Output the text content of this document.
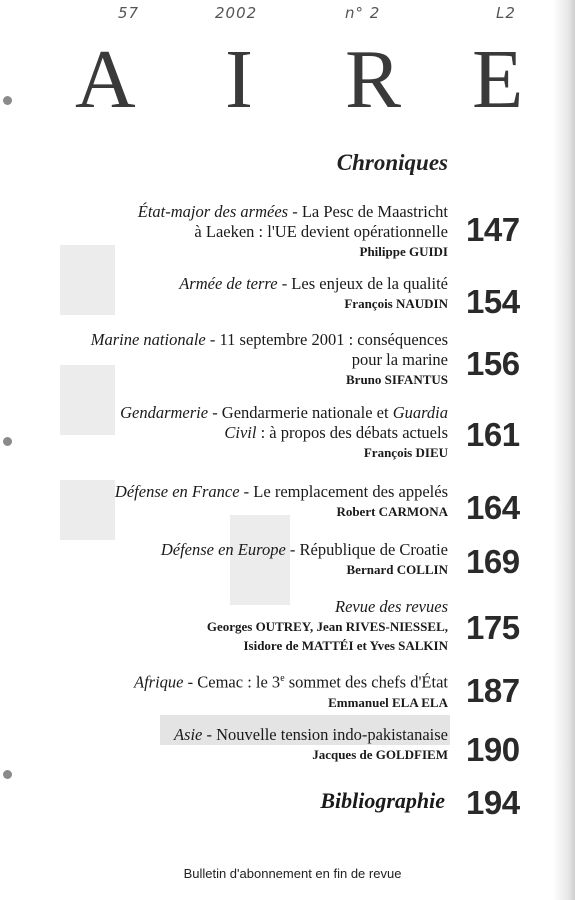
57	2002	n° 2	L2
A I R E
Chroniques
État-major des armées - La Pesc de Maastricht
à Laeken : l'UE devient opérationnelle
Philippe GUIDI
147
Armée de terre - Les enjeux de la qualité
François NAUDIN 154
Marine nationale - 11 septembre 2001 : conséquences
pour la marine
Bruno SIFANTUS 156
Gendarmerie - Gendarmerie nationale et Guardia
Civil : à propos des débats actuels
François DIEU 161
Défense en France - Le remplacement des appelés
Robert CARMONA 164
Défense en Europe - République de Croatie
Bernard COLLIN 169
Revue des revues
Georges OUTREY, Jean RIVES-NIESSEL,
Isidore de MATTÉI et Yves SALKIN 175
Afrique - Cemac : le 3e sommet des chefs d'État
Emmanuel ELA ELA 187
Asie - Nouvelle tension indo-pakistanaise
Jacques de GOLDFIEM 190
Bibliographie 194
Bulletin d'abonnement en fin de revue
